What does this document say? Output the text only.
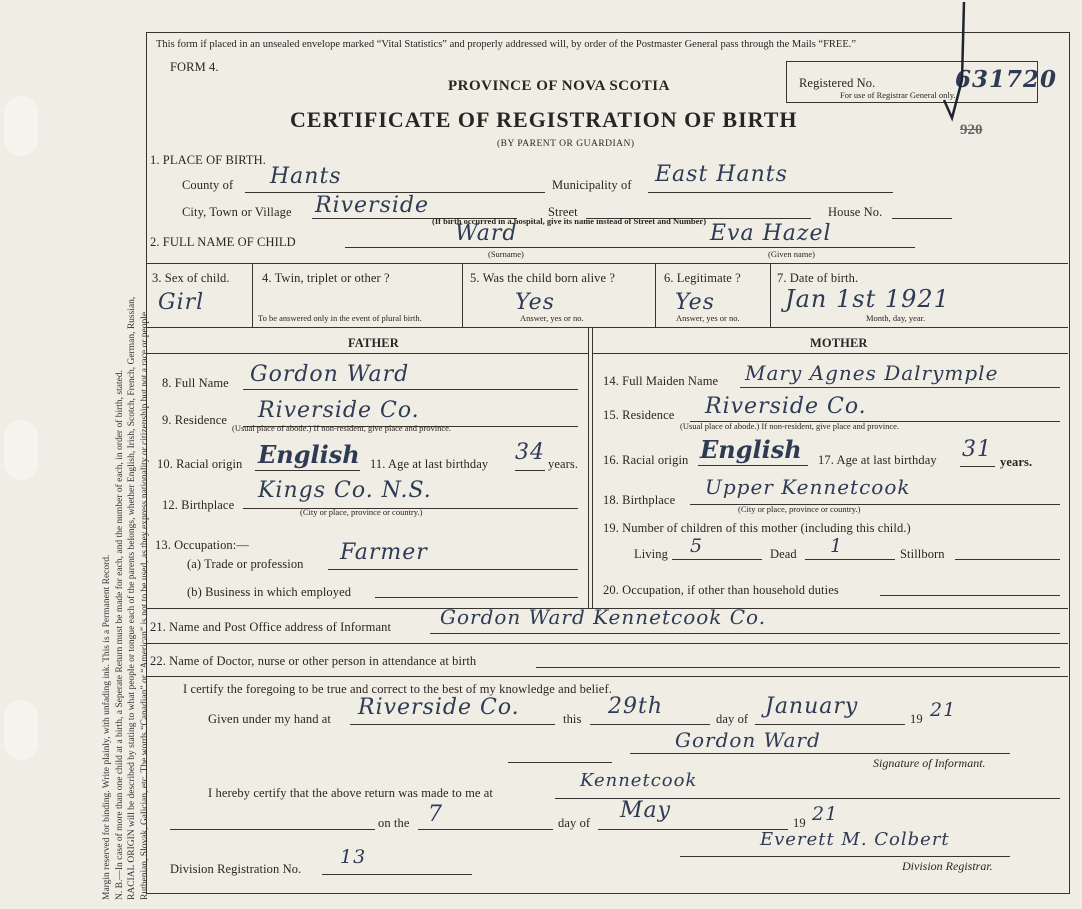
Margin reserved for binding. Write plainly, with unfading ink. This is a Permanent Record. N. B.—In case of more than one child at a birth, a Seperate Return must be made for each, and the number of each, in order of birth, stated. RACIAL ORIGIN will be described by stating to what people or tongue each of the parents belongs, whether English, Irish, Scotch, French, German, Russian, Ruthenian, Slovak, Galician, etc. The words “Canadian” or “American” is not to be used, as they express nationality or citizenship but not a race or people.
This form if placed in an unsealed envelope marked “Vital Statistics” and properly addressed will, by order of the Postmaster General pass through the Mails “FREE.”
FORM 4.
PROVINCE OF NOVA SCOTIA
CERTIFICATE OF REGISTRATION OF BIRTH
(BY PARENT OR GUARDIAN)
Registered No.	631720
For use of Registrar General only.
920
1. PLACE OF BIRTH.
County of Hants	Municipality of East Hants
City, Town or Village Riverside	Street	House No.
(If birth occurred in a hospital, give its name instead of Street and Number)
2. FULL NAME OF CHILD	Ward
(Surname)
Eva Hazel
(Given name)
3. Sex of child.
Girl
4. Twin, triplet or other ?
To be answered only in the event of plural birth.
5. Was the child born alive ?
Yes
Answer, yes or no.
6. Legitimate ?
Yes
Answer, yes or no.
7. Date of birth.
Jan 1st 1921
Month, day, year.
FATHER	MOTHER
8. Full Name Gordon Ward
9. Residence Riverside Co.
(Usual place of abode.) If non-resident, give place and province.
10. Racial origin English 11. Age at last birthday 34 years.
12. Birthplace
Kings Co. N.S.
(City or place, province or country.)
13. Occupation:—
(a) Trade or profession Farmer
(b) Business in which employed
14. Full Maiden Name Mary Agnes Dalrymple
15. Residence Riverside Co.
(Usual place of abode.) If non-resident, give place and province.
16. Racial origin English 17. Age at last birthday 31 years.
18. Birthplace
Upper Kennetcook
(City or place, province or country.)
19. Number of children of this mother (including this child.)
Living 5	Dead 1	Stillborn
20. Occupation, if other than household duties
21. Name and Post Office address of Informant Gordon Ward Kennetcook Co.
22. Name of Doctor, nurse or other person in attendance at birth
I certify the foregoing to be true and correct to the best of my knowledge and belief.
Given under my hand at Riverside Co.	this 29th	day of January	19 21
Gordon Ward
Signature of Informant.
I hereby certify that the above return was made to me at
Kennetcook
on the 7	day of May	19 21
Everett M. Colbert
Division Registrar.
Division Registration No.
13
